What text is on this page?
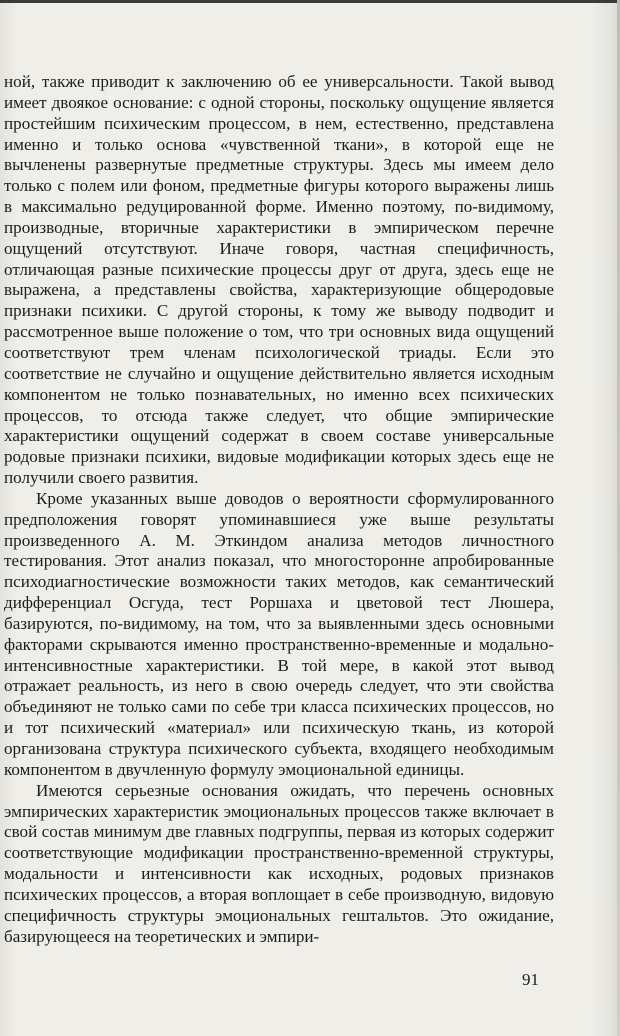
ной, также приводит к заключению об ее универсальности. Такой вывод имеет двоякое основание: с одной стороны, поскольку ощущение является простейшим психическим процессом, в нем, естественно, представлена именно и только основа «чувственной ткани», в которой еще не вычленены развернутые предметные структуры. Здесь мы имеем дело только с полем или фоном, предметные фигуры которого выражены лишь в максимально редуцированной форме. Именно поэтому, по-видимому, производные, вторичные характеристики в эмпирическом перечне ощущений отсутствуют. Иначе говоря, частная специфичность, отличающая разные психические процессы друг от друга, здесь еще не выражена, а представлены свойства, характеризующие общеродовые признаки психики. С другой стороны, к тому же выводу подводит и рассмотренное выше положение о том, что три основных вида ощущений соответствуют трем членам психологической триады. Если это соответствие не случайно и ощущение действительно является исходным компонентом не только познавательных, но именно всех психических процессов, то отсюда также следует, что общие эмпирические характеристики ощущений содержат в своем составе универсальные родовые признаки психики, видовые модификации которых здесь еще не получили своего развития.

Кроме указанных выше доводов о вероятности сформулированного предположения говорят упоминавшиеся уже выше результаты произведенного А. М. Эткиндом анализа методов личностного тестирования. Этот анализ показал, что многосторонне апробированные психодиагностические возможности таких методов, как семантический дифференциал Осгуда, тест Роршаха и цветовой тест Люшера, базируются, по-видимому, на том, что за выявленными здесь основными факторами скрываются именно пространственно-временные и модально-интенсивностные характеристики. В той мере, в какой этот вывод отражает реальность, из него в свою очередь следует, что эти свойства объединяют не только сами по себе три класса психических процессов, но и тот психический «материал» или психическую ткань, из которой организована структура психического субъекта, входящего необходимым компонентом в двучленную формулу эмоциональной единицы.

Имеются серьезные основания ожидать, что перечень основных эмпирических характеристик эмоциональных процессов также включает в свой состав минимум две главных подгруппы, первая из которых содержит соответствующие модификации пространственно-временной структуры, модальности и интенсивности как исходных, родовых признаков психических процессов, а вторая воплощает в себе производную, видовую специфичность структуры эмоциональных гештальтов. Это ожидание, базирующееся на теоретических и эмпири-

91
